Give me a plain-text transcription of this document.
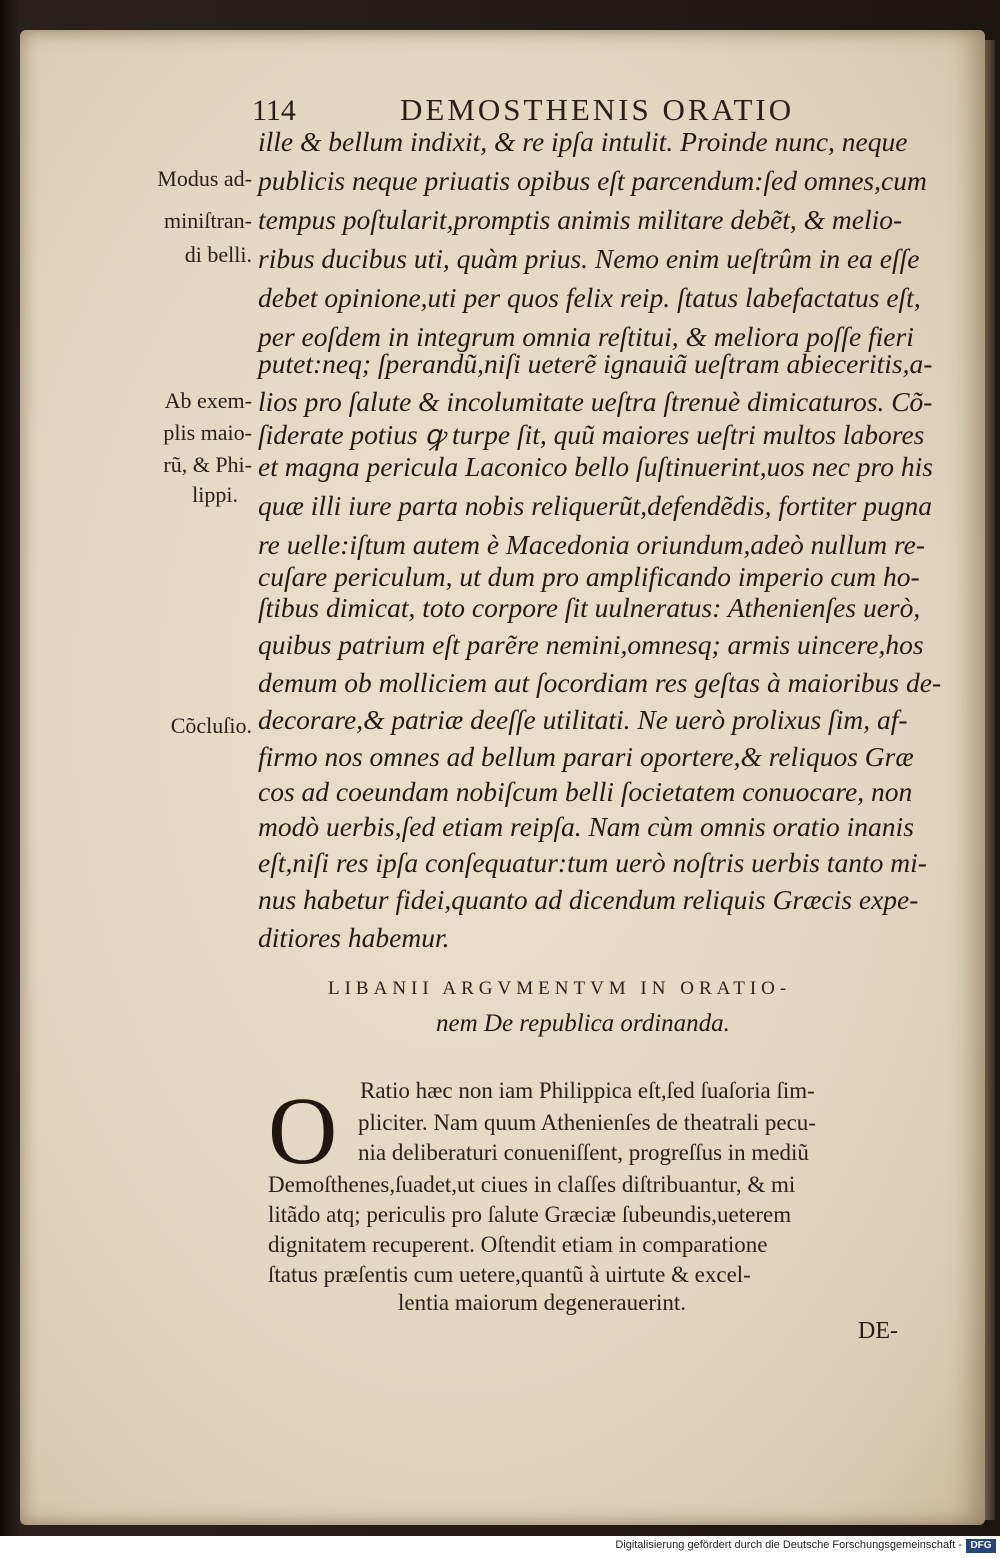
114	DEMOSTHENIS ORATIO
Modus ad-
miniſtran-
di belli.
Ab exem-
plis maio-
rũ, & Phi-
lippi.
Cõcluſio.
ille & bellum indixit, & re ipſa intulit. Proinde nunc, neque
publicis neque priuatis opibus eſt parcendum:ſed omnes,cum
tempus poſtularit,promptis animis militare debẽt, & melio-
ribus ducibus uti, quàm prius. Nemo enim ueſtrûm in ea eſſe
debet opinione,uti per quos felix reip. ſtatus labefactatus eſt,
per eoſdem in integrum omnia reſtitui, & meliora poſſe fieri
putet:neq; ſperandũ,niſi ueterẽ ignauiã ueſtram abieceritis,a-
lios pro ſalute & incolumitate ueſtra ſtrenuè dimicaturos. Cõ-
ſiderate potius ꝙ turpe ſit, quũ maiores ueſtri multos labores
et magna pericula Laconico bello ſuſtinuerint,uos nec pro his
quæ illi iure parta nobis reliquerũt,defendẽdis, fortiter pugna
re uelle:iſtum autem è Macedonia oriundum,adeò nullum re-
cuſare periculum, ut dum pro amplificando imperio cum ho-
ſtibus dimicat, toto corpore ſit uulneratus: Athenienſes uerò,
quibus patrium eſt parẽre nemini,omnesq; armis uincere,hos
demum ob molliciem aut ſocordiam res geſtas à maioribus de-
decorare,& patriæ deeſſe utilitati. Ne uerò prolixus ſim, af-
firmo nos omnes ad bellum parari oportere,& reliquos Græ
cos ad coeundam nobiſcum belli ſocietatem conuocare, non
modò uerbis,ſed etiam reipſa. Nam cùm omnis oratio inanis
eſt,niſi res ipſa conſequatur:tum uerò noſtris uerbis tanto mi-
nus habetur fidei,quanto ad dicendum reliquis Græcis expe-
ditiores habemur.
LIBANII ARGVMENTVM IN ORATIO-
nem De republica ordinanda.
O Ratio hæc non iam Philippica eſt,ſed ſuaſoria ſim-
pliciter. Nam quum Athenienſes de theatrali pecu-
nia deliberaturi conueniſſent, progreſſus in mediũ
Demoſthenes,ſuadet,ut ciues in claſſes diſtribuantur, & mi
litãdo atq; periculis pro ſalute Græciæ ſubeundis,ueterem
dignitatem recuperent. Oſtendit etiam in comparatione
ſtatus præſentis cum uetere,quantũ à uirtute & excel-
lentia maiorum degenerauerint.
DE-
Digitalisierung gefördert durch die Deutsche Forschungsgemeinschaft - DFG
